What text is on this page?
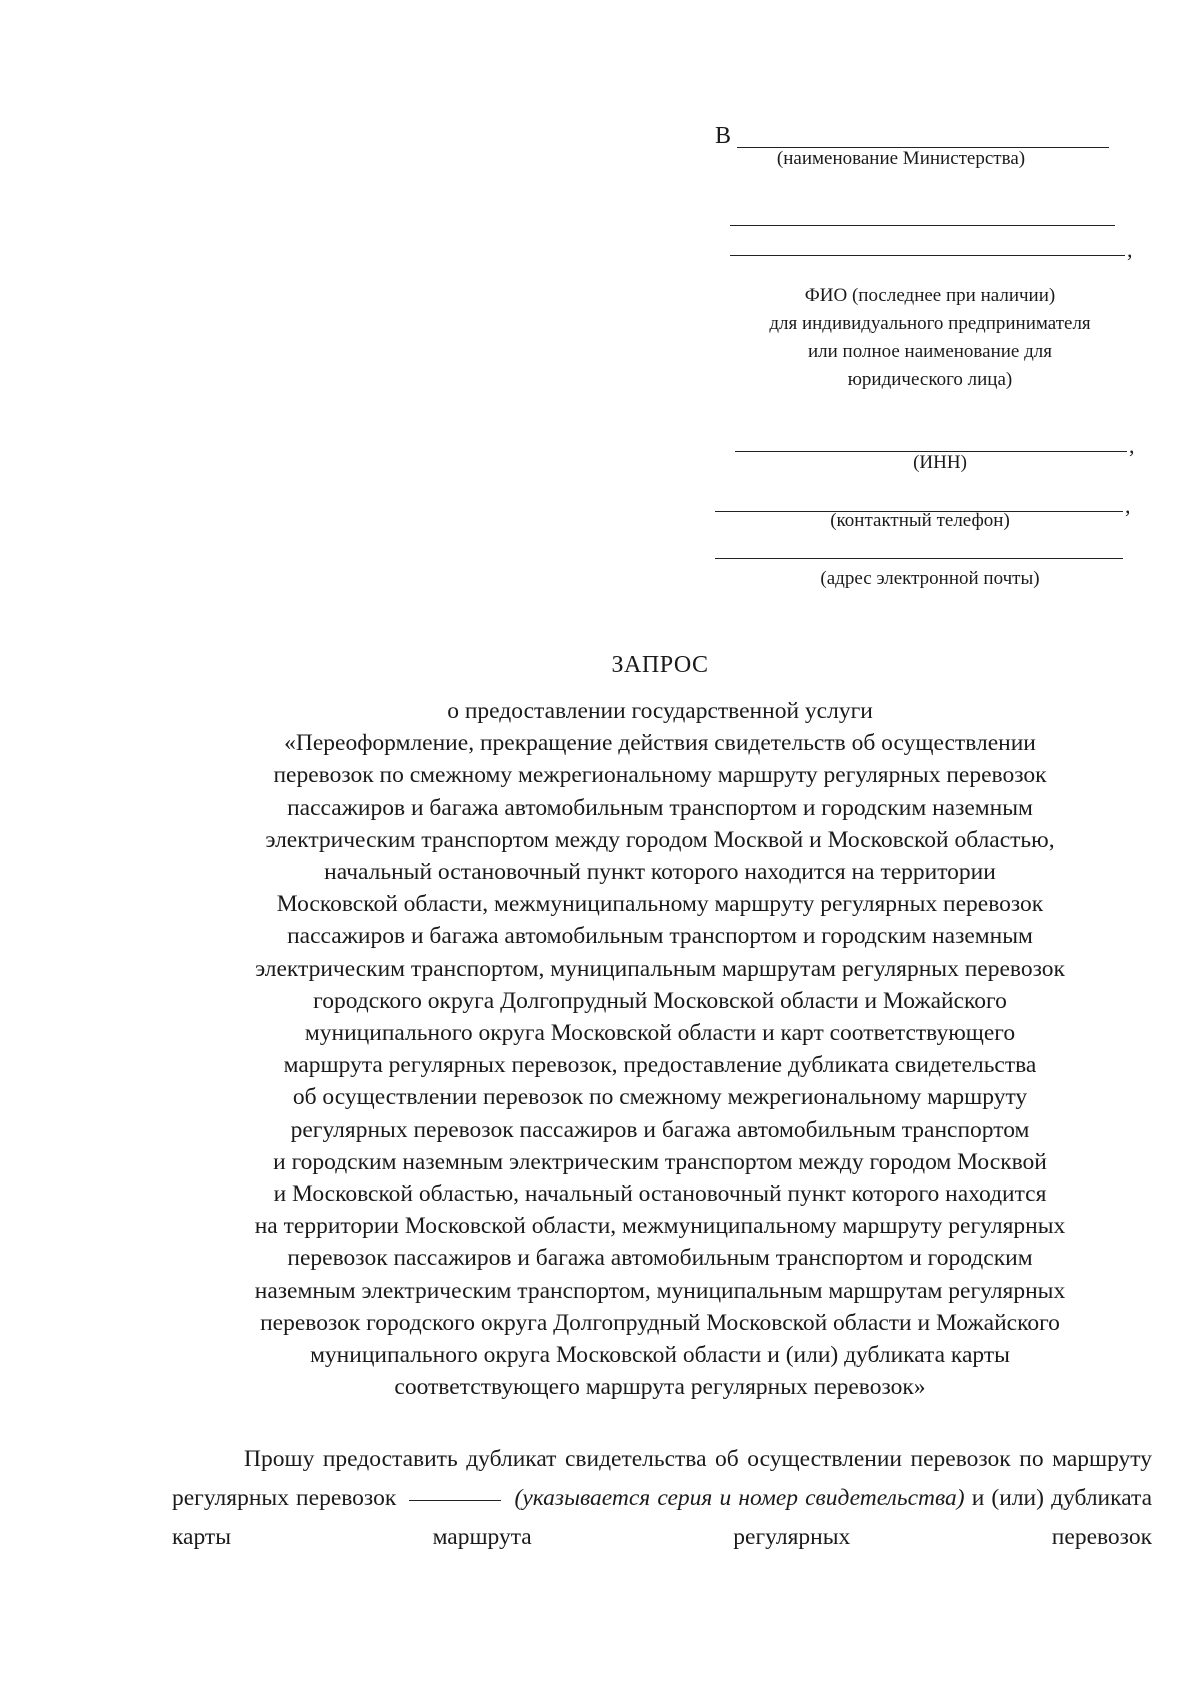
В
(наименование Министерства)
,
ФИО (последнее при наличии)
для индивидуального предпринимателя
или полное наименование для
юридического лица)
,
(ИНН)
,
(контактный телефон)
(адрес электронной почты)
ЗАПРОС
о предоставлении государственной услуги
«Переоформление, прекращение действия свидетельств об осуществлении
перевозок по смежному межрегиональному маршруту регулярных перевозок
пассажиров и багажа автомобильным транспортом и городским наземным
электрическим транспортом между городом Москвой и Московской областью,
начальный остановочный пункт которого находится на территории
Московской области, межмуниципальному маршруту регулярных перевозок
пассажиров и багажа автомобильным транспортом и городским наземным
электрическим транспортом, муниципальным маршрутам регулярных перевозок
городского округа Долгопрудный Московской области и Можайского
муниципального округа Московской области и карт соответствующего
маршрута регулярных перевозок, предоставление дубликата свидетельства
об осуществлении перевозок по смежному межрегиональному маршруту
регулярных перевозок пассажиров и багажа автомобильным транспортом
и городским наземным электрическим транспортом между городом Москвой
и Московской областью, начальный остановочный пункт которого находится
на территории Московской области, межмуниципальному маршруту регулярных
перевозок пассажиров и багажа автомобильным транспортом и городским
наземным электрическим транспортом, муниципальным маршрутам регулярных
перевозок городского округа Долгопрудный Московской области и Можайского
муниципального округа Московской области и (или) дубликата карты
соответствующего маршрута регулярных перевозок»
Прошу предоставить дубликат свидетельства об осуществлении перевозок по маршруту регулярных перевозок	(указывается серия и номер свидетельства) и (или) дубликата карты маршрута регулярных перевозок
